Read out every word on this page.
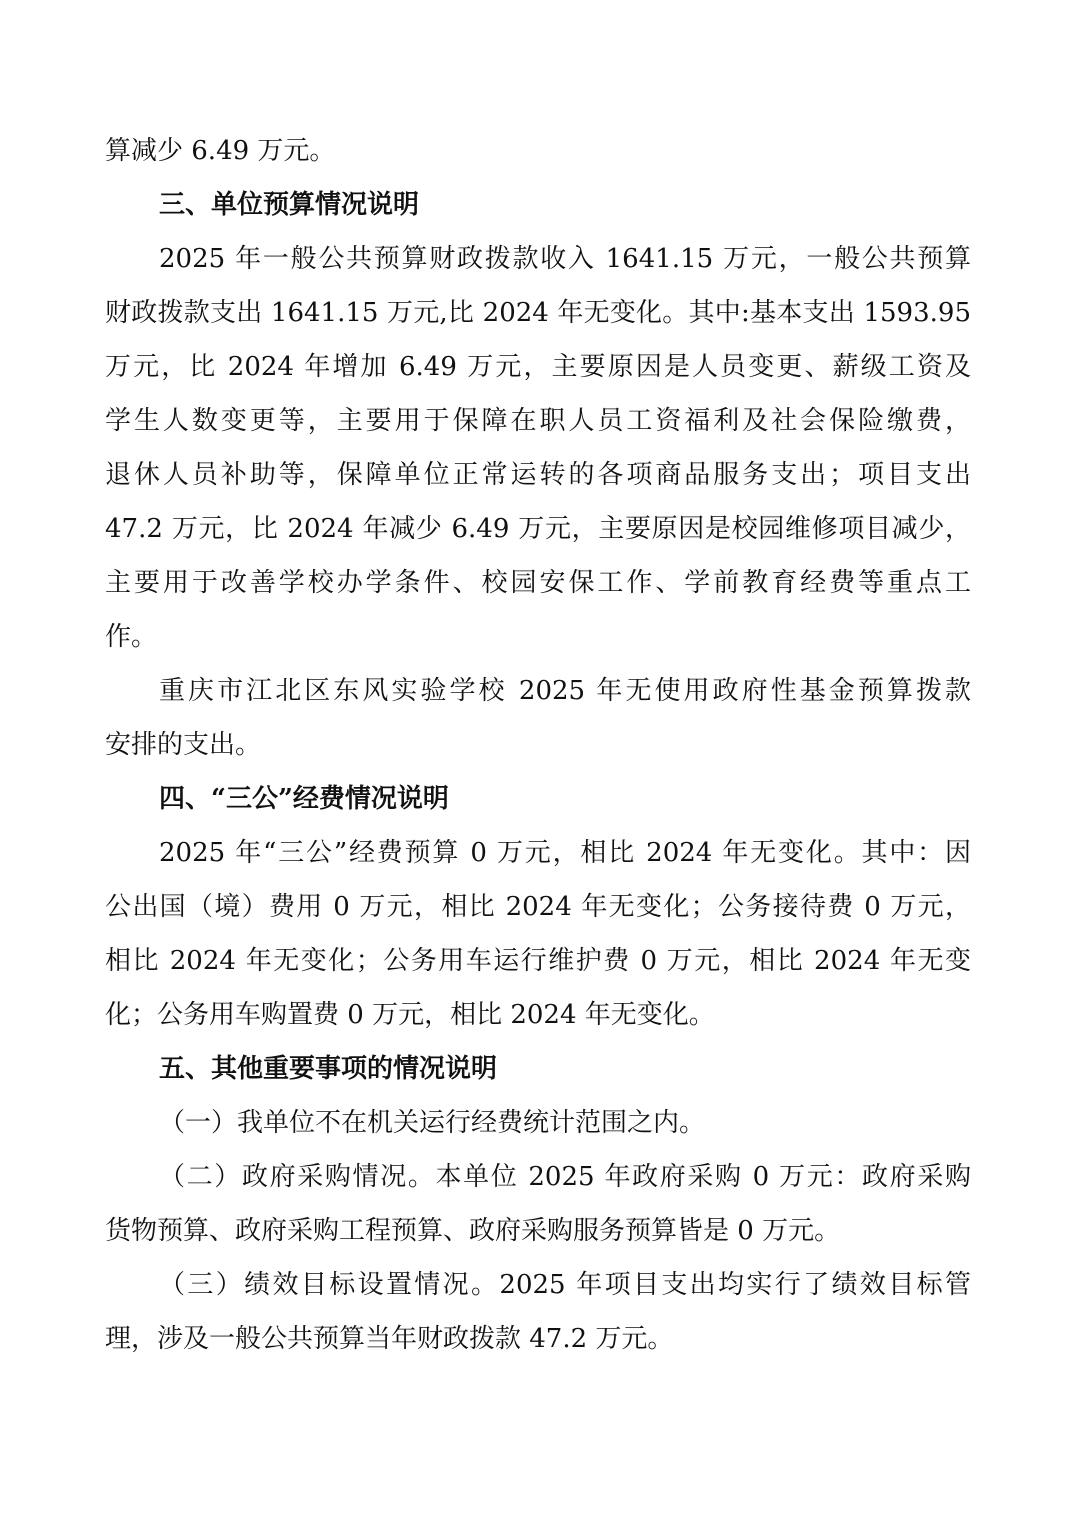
算减少 6.49 万元。
三、单位预算情况说明
2025 年一般公共预算财政拨款收入 1641.15 万元，一般公共预算
财政拨款支出 1641.15 万元,比 2024 年无变化。其中:基本支出 1593.95
万元，比 2024 年增加 6.49 万元，主要原因是人员变更、薪级工资及
学生人数变更等，主要用于保障在职人员工资福利及社会保险缴费，
退休人员补助等，保障单位正常运转的各项商品服务支出；项目支出
47.2 万元，比 2024 年减少 6.49 万元，主要原因是校园维修项目减少，
主要用于改善学校办学条件、校园安保工作、学前教育经费等重点工
作。
重庆市江北区东风实验学校 2025 年无使用政府性基金预算拨款
安排的支出。
四、“三公”经费情况说明
2025 年“三公”经费预算 0 万元，相比 2024 年无变化。其中：因
公出国（境）费用 0 万元，相比 2024 年无变化；公务接待费 0 万元，
相比 2024 年无变化；公务用车运行维护费 0 万元，相比 2024 年无变
化；公务用车购置费 0 万元，相比 2024 年无变化。
五、其他重要事项的情况说明
（一）我单位不在机关运行经费统计范围之内。
（二）政府采购情况。本单位 2025 年政府采购 0 万元：政府采购
货物预算、政府采购工程预算、政府采购服务预算皆是 0 万元。
（三）绩效目标设置情况。2025 年项目支出均实行了绩效目标管
理，涉及一般公共预算当年财政拨款 47.2 万元。
